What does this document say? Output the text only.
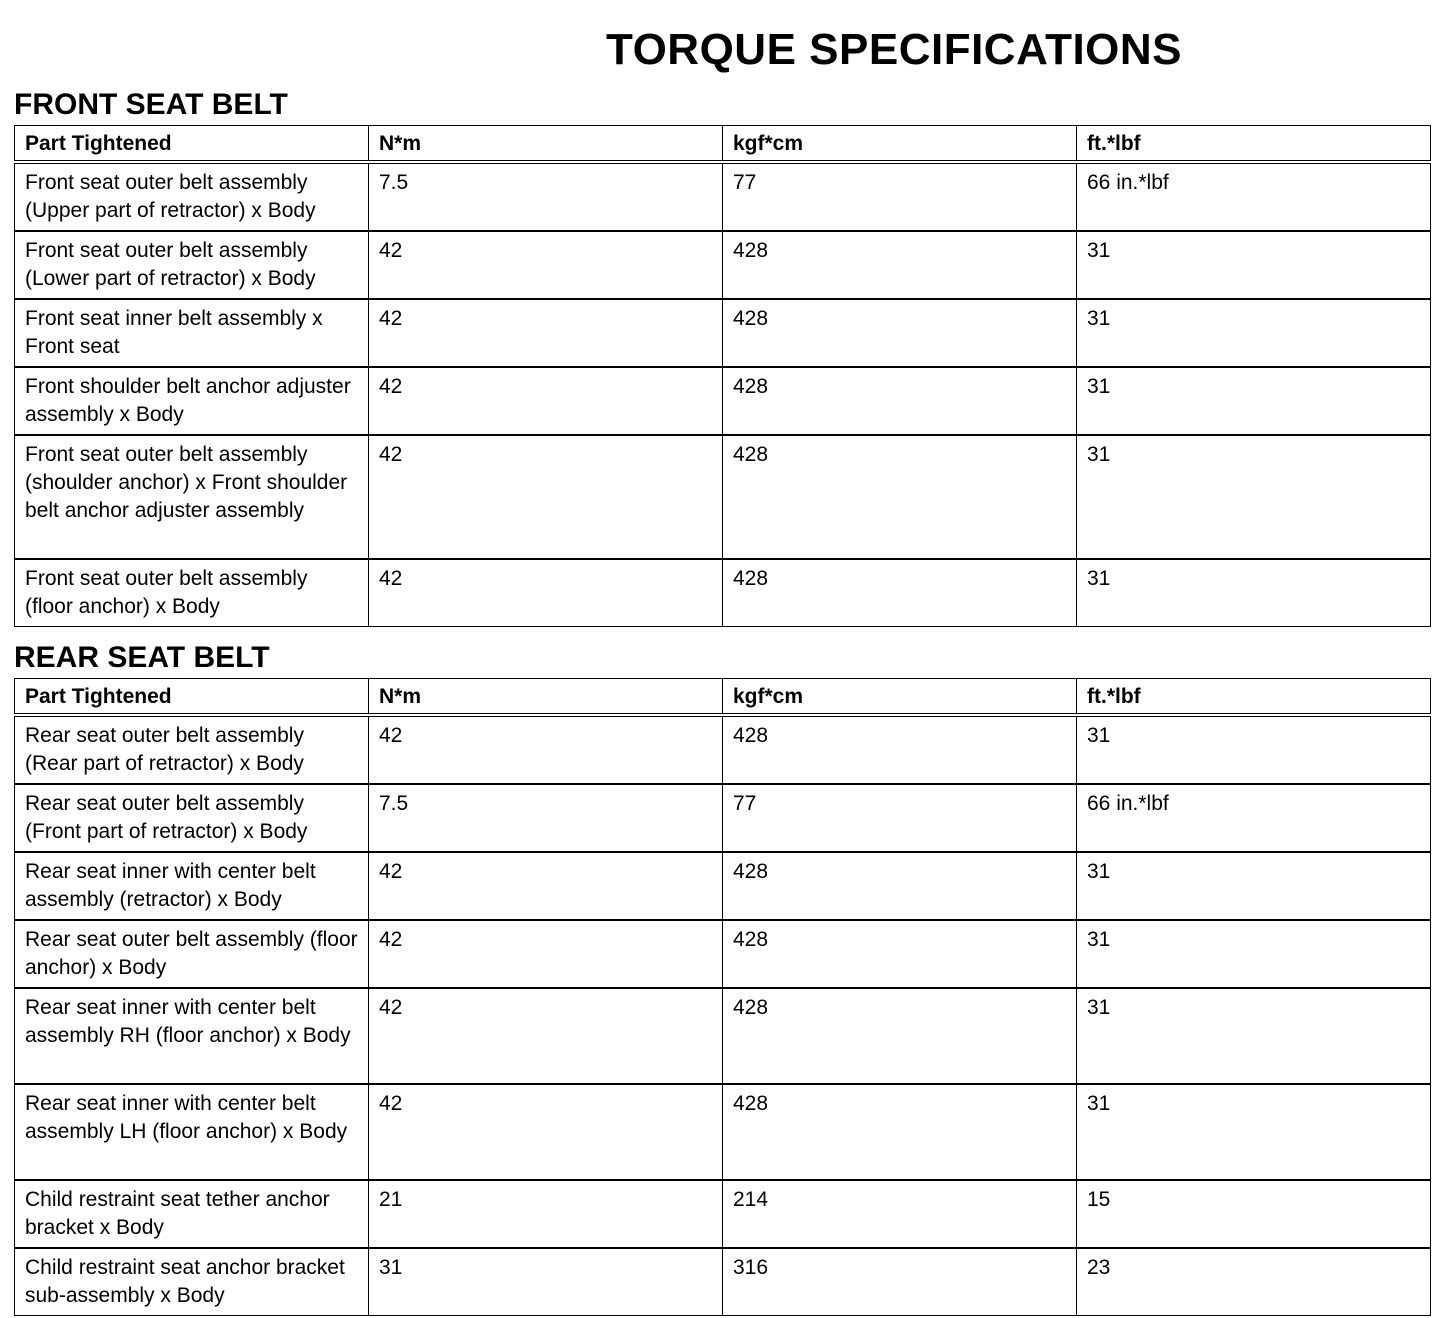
TORQUE SPECIFICATIONS
FRONT SEAT BELT
Part Tightened	N*m	kgf*cm	ft.*lbf
Front seat outer belt assembly (Upper part of retractor) x Body	7.5	77	66 in.*lbf
Front seat outer belt assembly (Lower part of retractor) x Body	42	428	31
Front seat inner belt assembly x Front seat	42	428	31
Front shoulder belt anchor adjuster assembly x Body	42	428	31
Front seat outer belt assembly (shoulder anchor) x Front shoulder belt anchor adjuster assembly	42	428	31
Front seat outer belt assembly (floor anchor) x Body	42	428	31
REAR SEAT BELT
Part Tightened	N*m	kgf*cm	ft.*lbf
Rear seat outer belt assembly (Rear part of retractor) x Body	42	428	31
Rear seat outer belt assembly (Front part of retractor) x Body	7.5	77	66 in.*lbf
Rear seat inner with center belt assembly (retractor) x Body	42	428	31
Rear seat outer belt assembly (floor anchor) x Body	42	428	31
Rear seat inner with center belt assembly RH (floor anchor) x Body	42	428	31
Rear seat inner with center belt assembly LH (floor anchor) x Body	42	428	31
Child restraint seat tether anchor bracket x Body	21	214	15
Child restraint seat anchor bracket sub-assembly x Body	31	316	23
